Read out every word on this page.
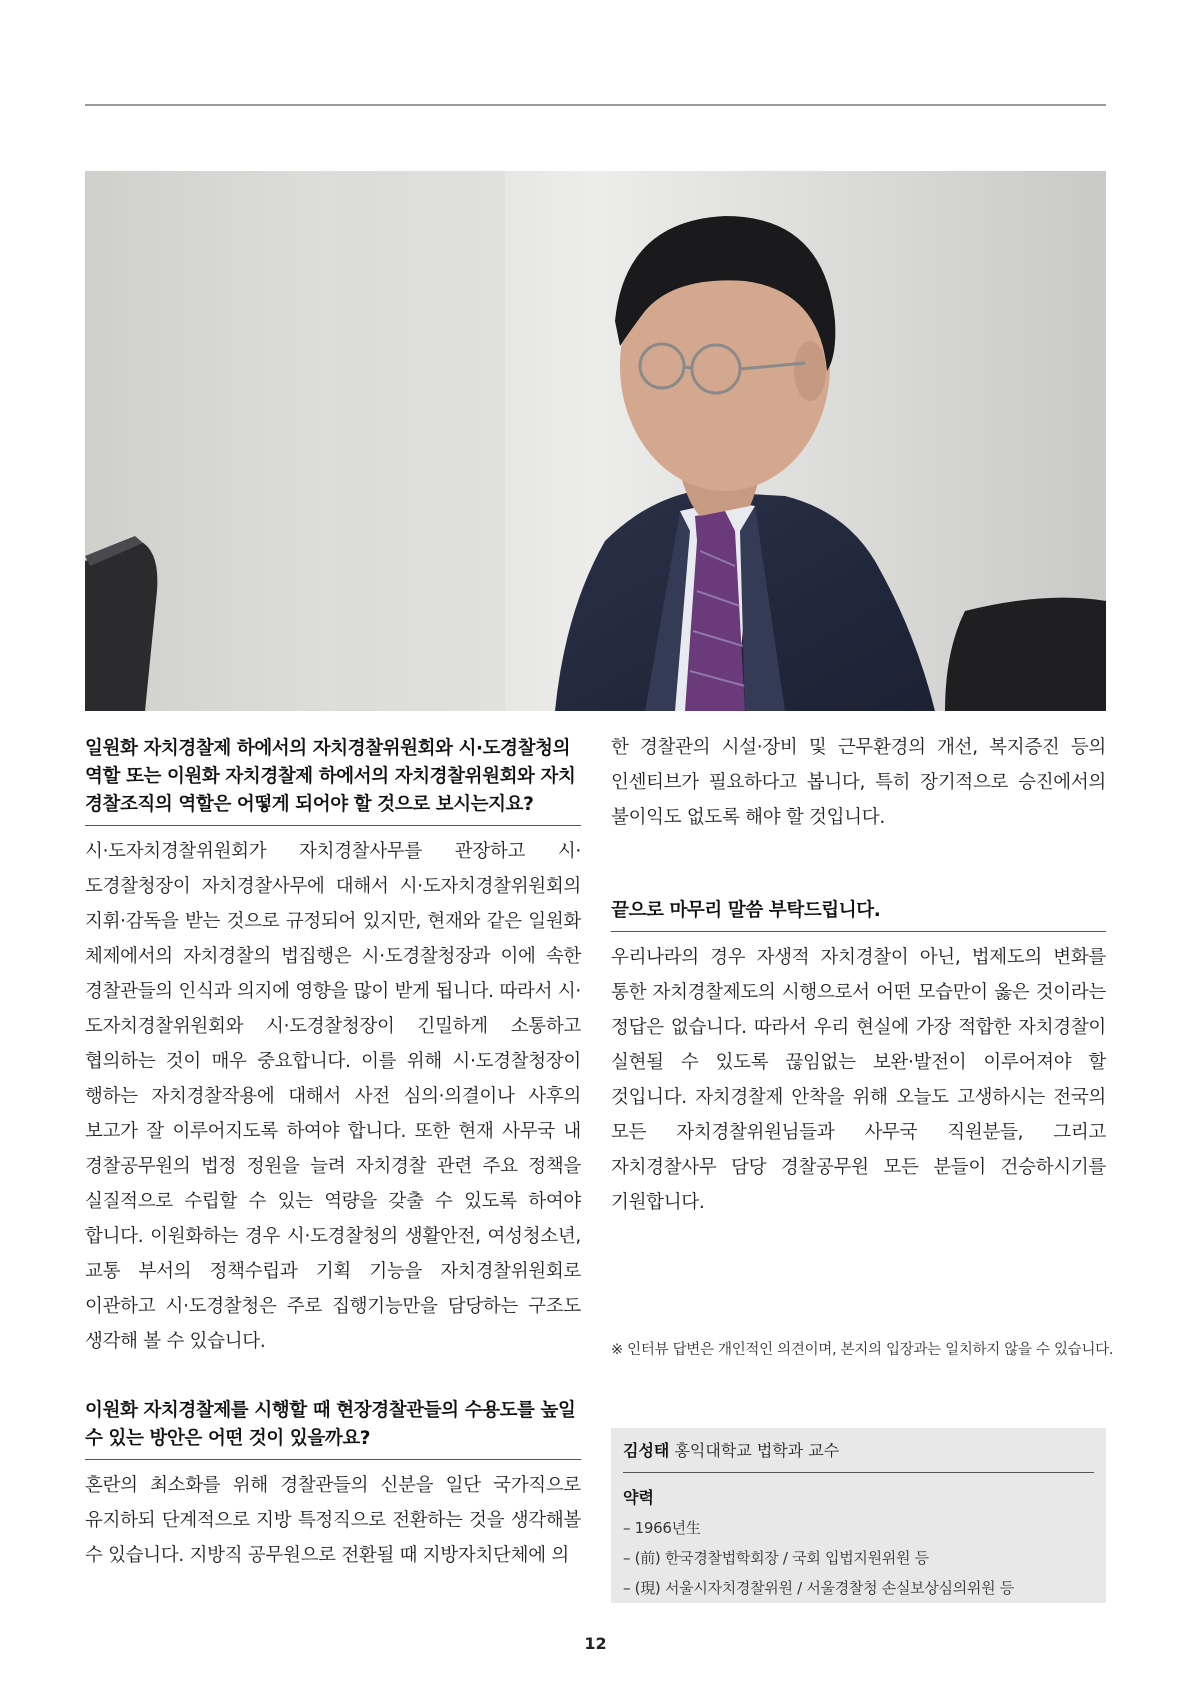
일원화 자치경찰제 하에서의 자치경찰위원회와 시·도경찰청의 역할 또는 이원화 자치경찰제 하에서의 자치경찰위원회와 자치경찰조직의 역할은 어떻게 되어야 할 것으로 보시는지요?

시·도자치경찰위원회가 자치경찰사무를 관장하고 시·도경찰청장이 자치경찰사무에 대해서 시·도자치경찰위원회의 지휘·감독을 받는 것으로 규정되어 있지만, 현재와 같은 일원화 체제에서의 자치경찰의 법집행은 시·도경찰청장과 이에 속한 경찰관들의 인식과 의지에 영향을 많이 받게 됩니다. 따라서 시·도자치경찰위원회와 시·도경찰청장이 긴밀하게 소통하고 협의하는 것이 매우 중요합니다. 이를 위해 시·도경찰청장이 행하는 자치경찰작용에 대해서 사전 심의·의결이나 사후의 보고가 잘 이루어지도록 하여야 합니다. 또한 현재 사무국 내 경찰공무원의 법정 정원을 늘려 자치경찰 관련 주요 정책을 실질적으로 수립할 수 있는 역량을 갖출 수 있도록 하여야 합니다. 이원화하는 경우 시·도경찰청의 생활안전, 여성청소년, 교통 부서의 정책수립과 기획 기능을 자치경찰위원회로 이관하고 시·도경찰청은 주로 집행기능만을 담당하는 구조도 생각해 볼 수 있습니다.

이원화 자치경찰제를 시행할 때 현장경찰관들의 수용도를 높일 수 있는 방안은 어떤 것이 있을까요?

혼란의 최소화를 위해 경찰관들의 신분을 일단 국가직으로 유지하되 단계적으로 지방 특정직으로 전환하는 것을 생각해볼 수 있습니다. 지방직 공무원으로 전환될 때 지방자치단체에 의

한 경찰관의 시설·장비 및 근무환경의 개선, 복지증진 등의 인센티브가 필요하다고 봅니다, 특히 장기적으로 승진에서의 불이익도 없도록 해야 할 것입니다.

끝으로 마무리 말씀 부탁드립니다.

우리나라의 경우 자생적 자치경찰이 아닌, 법제도의 변화를 통한 자치경찰제도의 시행으로서 어떤 모습만이 옳은 것이라는 정답은 없습니다. 따라서 우리 현실에 가장 적합한 자치경찰이 실현될 수 있도록 끊임없는 보완·발전이 이루어져야 할 것입니다. 자치경찰제 안착을 위해 오늘도 고생하시는 전국의 모든 자치경찰위원님들과 사무국 직원분들, 그리고 자치경찰사무 담당 경찰공무원 모든 분들이 건승하시기를 기원합니다.

※ 인터뷰 답변은 개인적인 의견이며, 본지의 입장과는 일치하지 않을 수 있습니다.
김성태 홍익대학교 법학과 교수
약력
– 1966년生
– (前) 한국경찰법학회장 / 국회 입법지원위원 등
– (現) 서울시자치경찰위원 / 서울경찰청 손실보상심의위원 등
12
